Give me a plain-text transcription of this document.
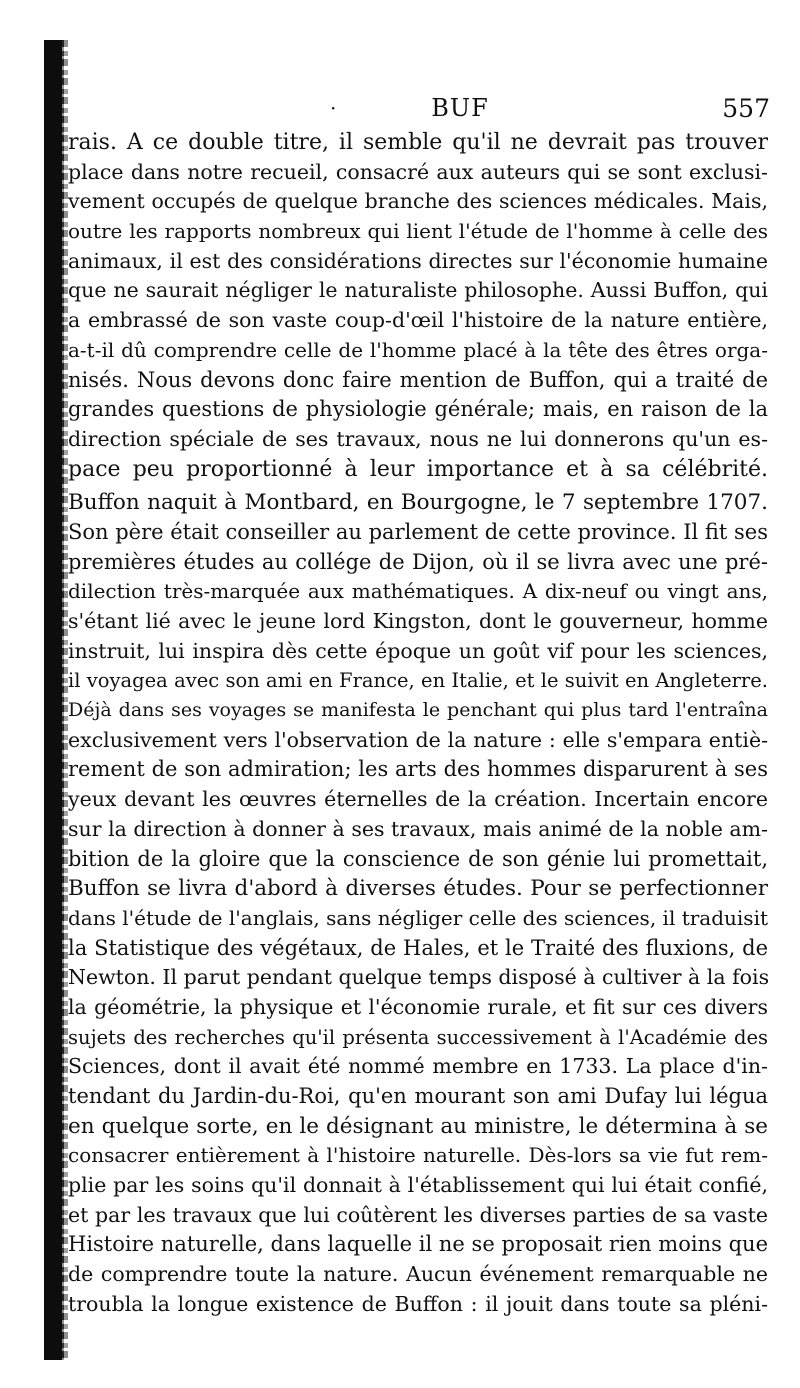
·	BUF	557
rais. A ce double titre, il semble qu'il ne devrait pas trouver
place dans notre recueil, consacré aux auteurs qui se sont exclusi-
vement occupés de quelque branche des sciences médicales. Mais,
outre les rapports nombreux qui lient l'étude de l'homme à celle des
animaux, il est des considérations directes sur l'économie humaine
que ne saurait négliger le naturaliste philosophe. Aussi Buffon, qui
a embrassé de son vaste coup-d'œil l'histoire de la nature entière,
a-t-il dû comprendre celle de l'homme placé à la tête des êtres orga-
nisés. Nous devons donc faire mention de Buffon, qui a traité de
grandes questions de physiologie générale; mais, en raison de la
direction spéciale de ses travaux, nous ne lui donnerons qu'un es-
pace peu proportionné à leur importance et à sa célébrité.
Buffon naquit à Montbard, en Bourgogne, le 7 septembre 1707.
Son père était conseiller au parlement de cette province. Il fit ses
premières études au collége de Dijon, où il se livra avec une pré-
dilection très-marquée aux mathématiques. A dix-neuf ou vingt ans,
s'étant lié avec le jeune lord Kingston, dont le gouverneur, homme
instruit, lui inspira dès cette époque un goût vif pour les sciences,
il voyagea avec son ami en France, en Italie, et le suivit en Angleterre.
Déjà dans ses voyages se manifesta le penchant qui plus tard l'entraîna
exclusivement vers l'observation de la nature : elle s'empara entiè-
rement de son admiration; les arts des hommes disparurent à ses
yeux devant les œuvres éternelles de la création. Incertain encore
sur la direction à donner à ses travaux, mais animé de la noble am-
bition de la gloire que la conscience de son génie lui promettait,
Buffon se livra d'abord à diverses études. Pour se perfectionner
dans l'étude de l'anglais, sans négliger celle des sciences, il traduisit
la Statistique des végétaux, de Hales, et le Traité des fluxions, de
Newton. Il parut pendant quelque temps disposé à cultiver à la fois
la géométrie, la physique et l'économie rurale, et fit sur ces divers
sujets des recherches qu'il présenta successivement à l'Académie des
Sciences, dont il avait été nommé membre en 1733. La place d'in-
tendant du Jardin-du-Roi, qu'en mourant son ami Dufay lui légua
en quelque sorte, en le désignant au ministre, le détermina à se
consacrer entièrement à l'histoire naturelle. Dès-lors sa vie fut rem-
plie par les soins qu'il donnait à l'établissement qui lui était confié,
et par les travaux que lui coûtèrent les diverses parties de sa vaste
Histoire naturelle, dans laquelle il ne se proposait rien moins que
de comprendre toute la nature. Aucun événement remarquable ne
troubla la longue existence de Buffon : il jouit dans toute sa pléni-
